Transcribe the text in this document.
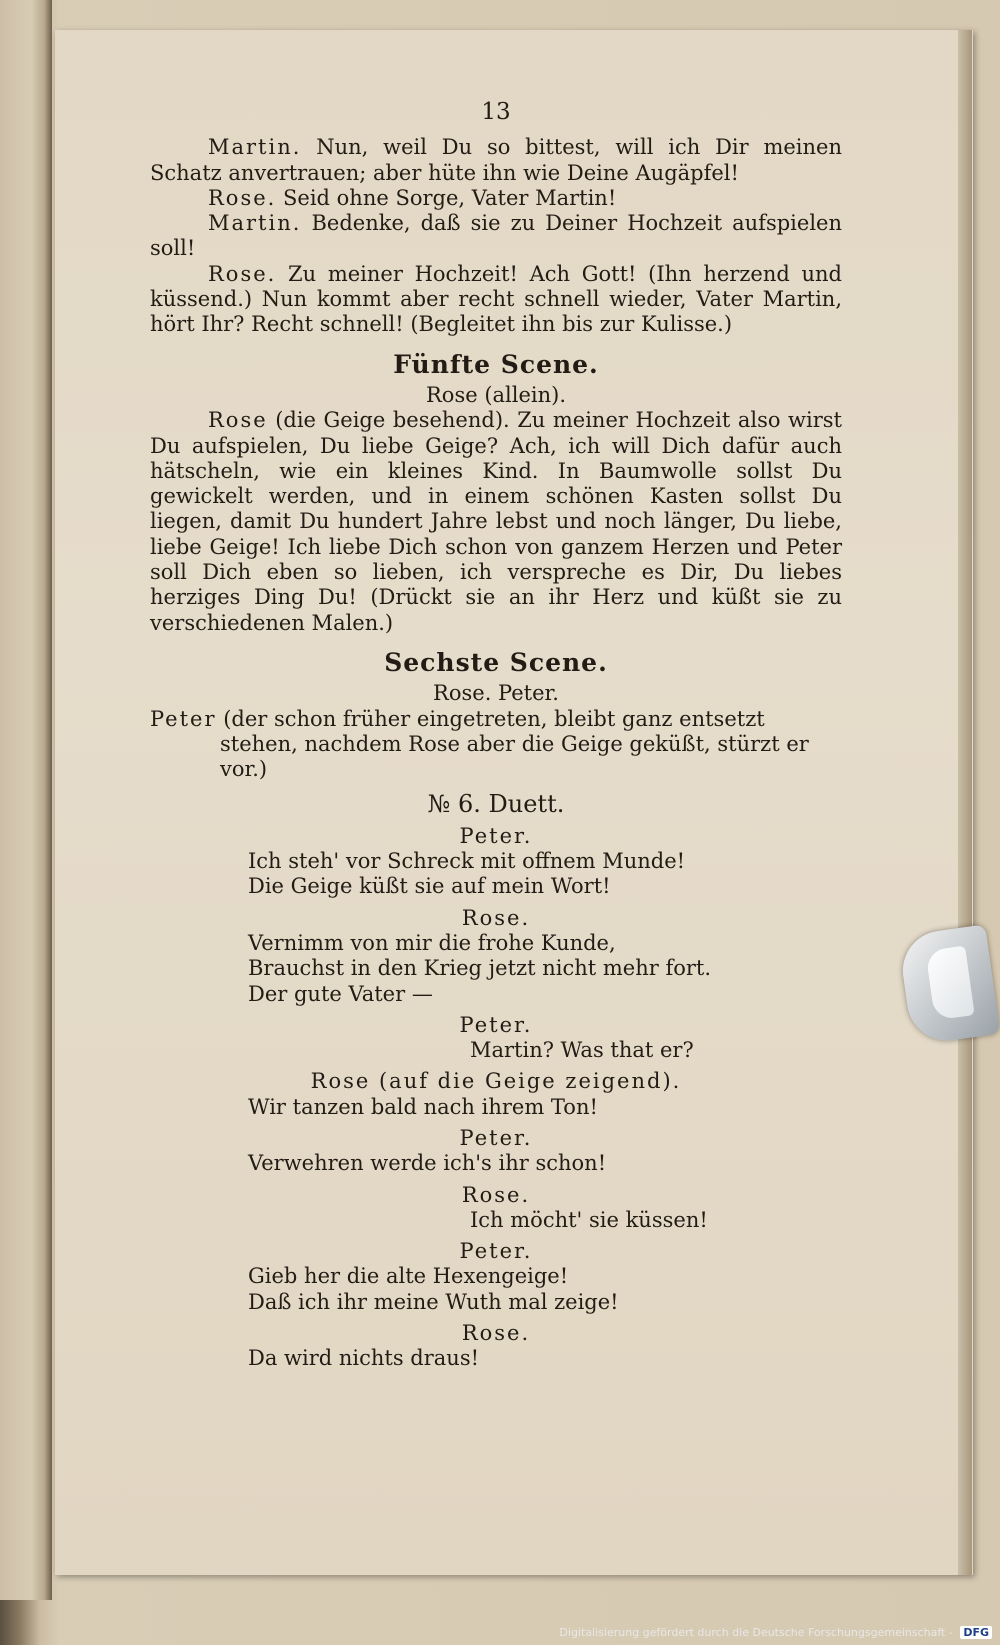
13

Martin. Nun, weil Du so bittest, will ich Dir meinen Schatz anvertrauen; aber hüte ihn wie Deine Augäpfel!

Rose. Seid ohne Sorge, Vater Martin!

Martin. Bedenke, daß sie zu Deiner Hochzeit aufspielen soll!

Rose. Zu meiner Hochzeit! Ach Gott! (Ihn herzend und küssend.) Nun kommt aber recht schnell wieder, Vater Martin, hört Ihr? Recht schnell! (Begleitet ihn bis zur Kulisse.)

Fünfte Scene.
Rose (allein).

Rose (die Geige besehend). Zu meiner Hochzeit also wirst Du aufspielen, Du liebe Geige? Ach, ich will Dich dafür auch hätscheln, wie ein kleines Kind. In Baumwolle sollst Du gewickelt werden, und in einem schönen Kasten sollst Du liegen, damit Du hundert Jahre lebst und noch länger, Du liebe, liebe Geige! Ich liebe Dich schon von ganzem Herzen und Peter soll Dich eben so lieben, ich verspreche es Dir, Du liebes herziges Ding Du! (Drückt sie an ihr Herz und küßt sie zu verschiedenen Malen.)

Sechste Scene.
Rose. Peter.

Peter (der schon früher eingetreten, bleibt ganz entsetzt stehen, nachdem Rose aber die Geige geküßt, stürzt er vor.)

№ 6. Duett.
Peter.
Ich steh' vor Schreck mit offnem Munde!
Die Geige küßt sie auf mein Wort!
Rose.
Vernimm von mir die frohe Kunde,
Brauchst in den Krieg jetzt nicht mehr fort.
Der gute Vater —
Peter.
Martin? Was that er?
Rose (auf die Geige zeigend).
Wir tanzen bald nach ihrem Ton!
Peter.
Verwehren werde ich's ihr schon!
Rose.
Ich möcht' sie küssen!
Peter.
Gieb her die alte Hexengeige!
Daß ich ihr meine Wuth mal zeige!
Rose.
Da wird nichts draus!
Digitalisierung gefördert durch die Deutsche Forschungsgemeinschaft - DFG
